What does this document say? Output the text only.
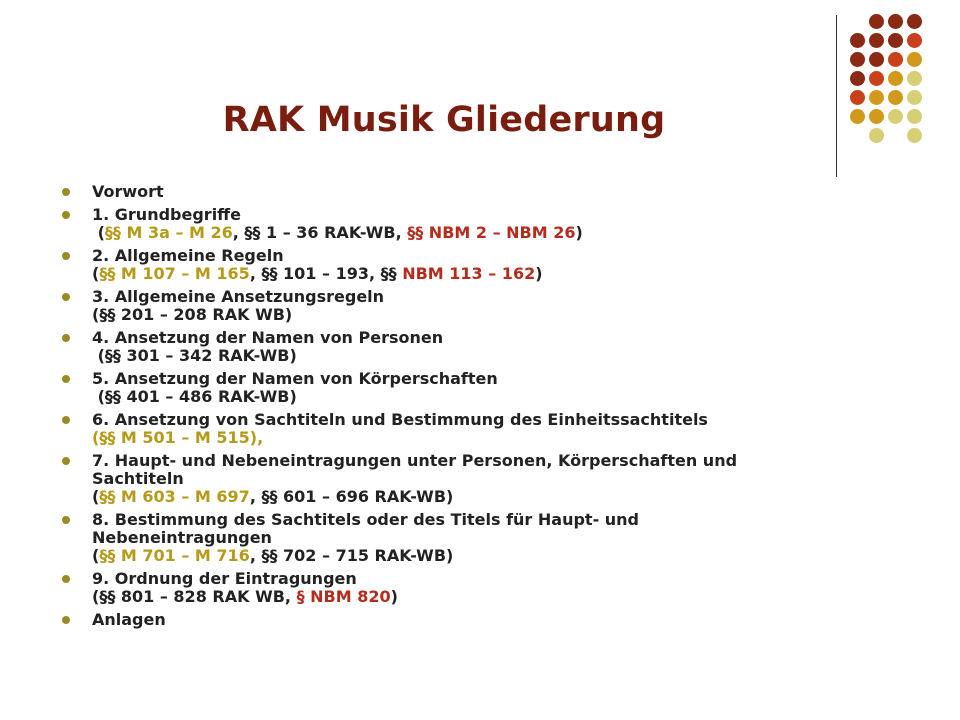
RAK Musik Gliederung
Vorwort
1. Grundbegriffe
(§§ M 3a – M 26, §§ 1 – 36 RAK-WB, §§ NBM 2 – NBM 26)
2. Allgemeine Regeln
(§§ M 107 – M 165, §§ 101 – 193, §§ NBM 113 – 162)
3. Allgemeine Ansetzungsregeln
(§§ 201 – 208 RAK WB)
4. Ansetzung der Namen von Personen
(§§ 301 – 342 RAK-WB)
5. Ansetzung der Namen von Körperschaften
(§§ 401 – 486 RAK-WB)
6. Ansetzung von Sachtiteln und Bestimmung des Einheitssachtitels
(§§ M 501 – M 515),
7. Haupt- und Nebeneintragungen unter Personen, Körperschaften und
Sachtiteln
(§§ M 603 – M 697, §§ 601 – 696 RAK-WB)
8. Bestimmung des Sachtitels oder des Titels für Haupt- und
Nebeneintragungen
(§§ M 701 – M 716, §§ 702 – 715 RAK-WB)
9. Ordnung der Eintragungen
(§§ 801 – 828 RAK WB, § NBM 820)
Anlagen
